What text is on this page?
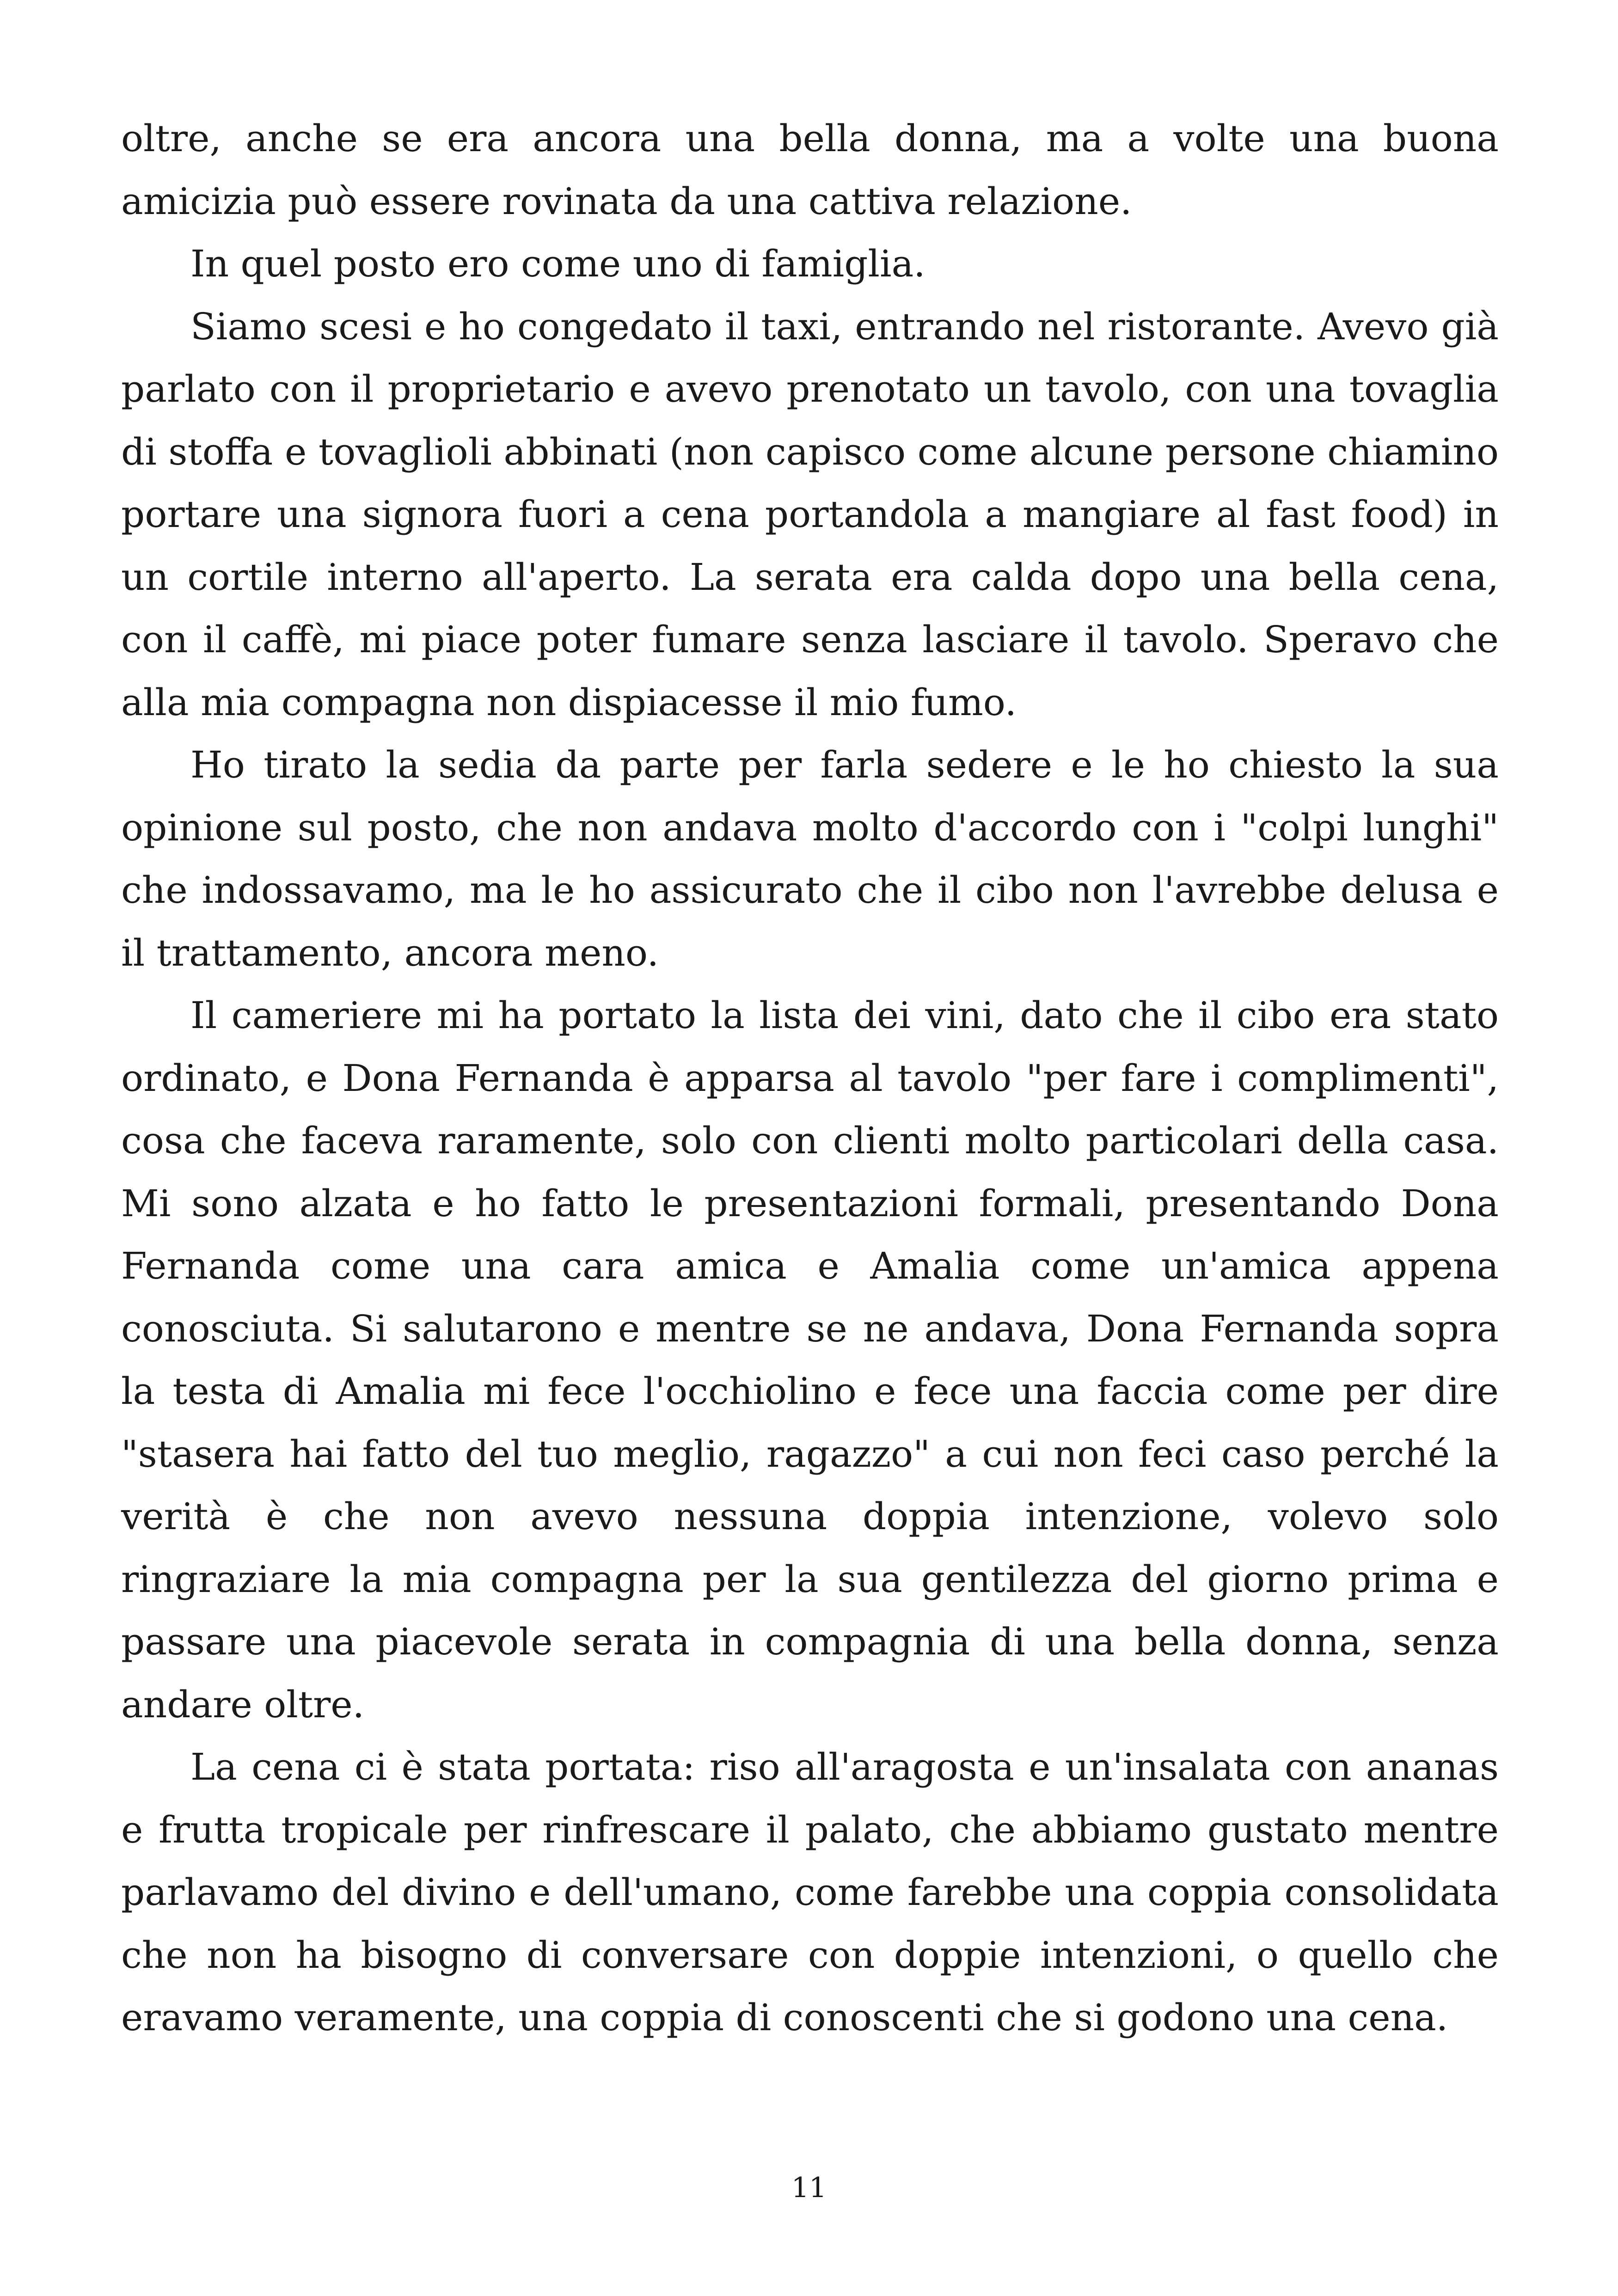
oltre, anche se era ancora una bella donna, ma a volte una buona amicizia può essere rovinata da una cattiva relazione.

In quel posto ero come uno di famiglia.

Siamo scesi e ho congedato il taxi, entrando nel ristorante. Avevo già parlato con il proprietario e avevo prenotato un tavolo, con una tovaglia di stoffa e tovaglioli abbinati (non capisco come alcune persone chiamino portare una signora fuori a cena portandola a mangiare al fast food) in un cortile interno all'aperto. La serata era calda dopo una bella cena, con il caffè, mi piace poter fumare senza lasciare il tavolo. Speravo che alla mia compagna non dispiacesse il mio fumo.

Ho tirato la sedia da parte per farla sedere e le ho chiesto la sua opinione sul posto, che non andava molto d'accordo con i "colpi lunghi" che indossavamo, ma le ho assicurato che il cibo non l'avrebbe delusa e il trattamento, ancora meno.

Il cameriere mi ha portato la lista dei vini, dato che il cibo era stato ordinato, e Dona Fernanda è apparsa al tavolo "per fare i complimenti", cosa che faceva raramente, solo con clienti molto particolari della casa. Mi sono alzata e ho fatto le presentazioni formali, presentando Dona Fernanda come una cara amica e Amalia come un'amica appena conosciuta. Si salutarono e mentre se ne andava, Dona Fernanda sopra la testa di Amalia mi fece l'occhiolino e fece una faccia come per dire "stasera hai fatto del tuo meglio, ragazzo" a cui non feci caso perché la verità è che non avevo nessuna doppia intenzione, volevo solo ringraziare la mia compagna per la sua gentilezza del giorno prima e passare una piacevole serata in compagnia di una bella donna, senza andare oltre.

La cena ci è stata portata: riso all'aragosta e un'insalata con ananas e frutta tropicale per rinfrescare il palato, che abbiamo gustato mentre parlavamo del divino e dell'umano, come farebbe una coppia consolidata che non ha bisogno di conversare con doppie intenzioni, o quello che eravamo veramente, una coppia di conoscenti che si godono una cena.

11
